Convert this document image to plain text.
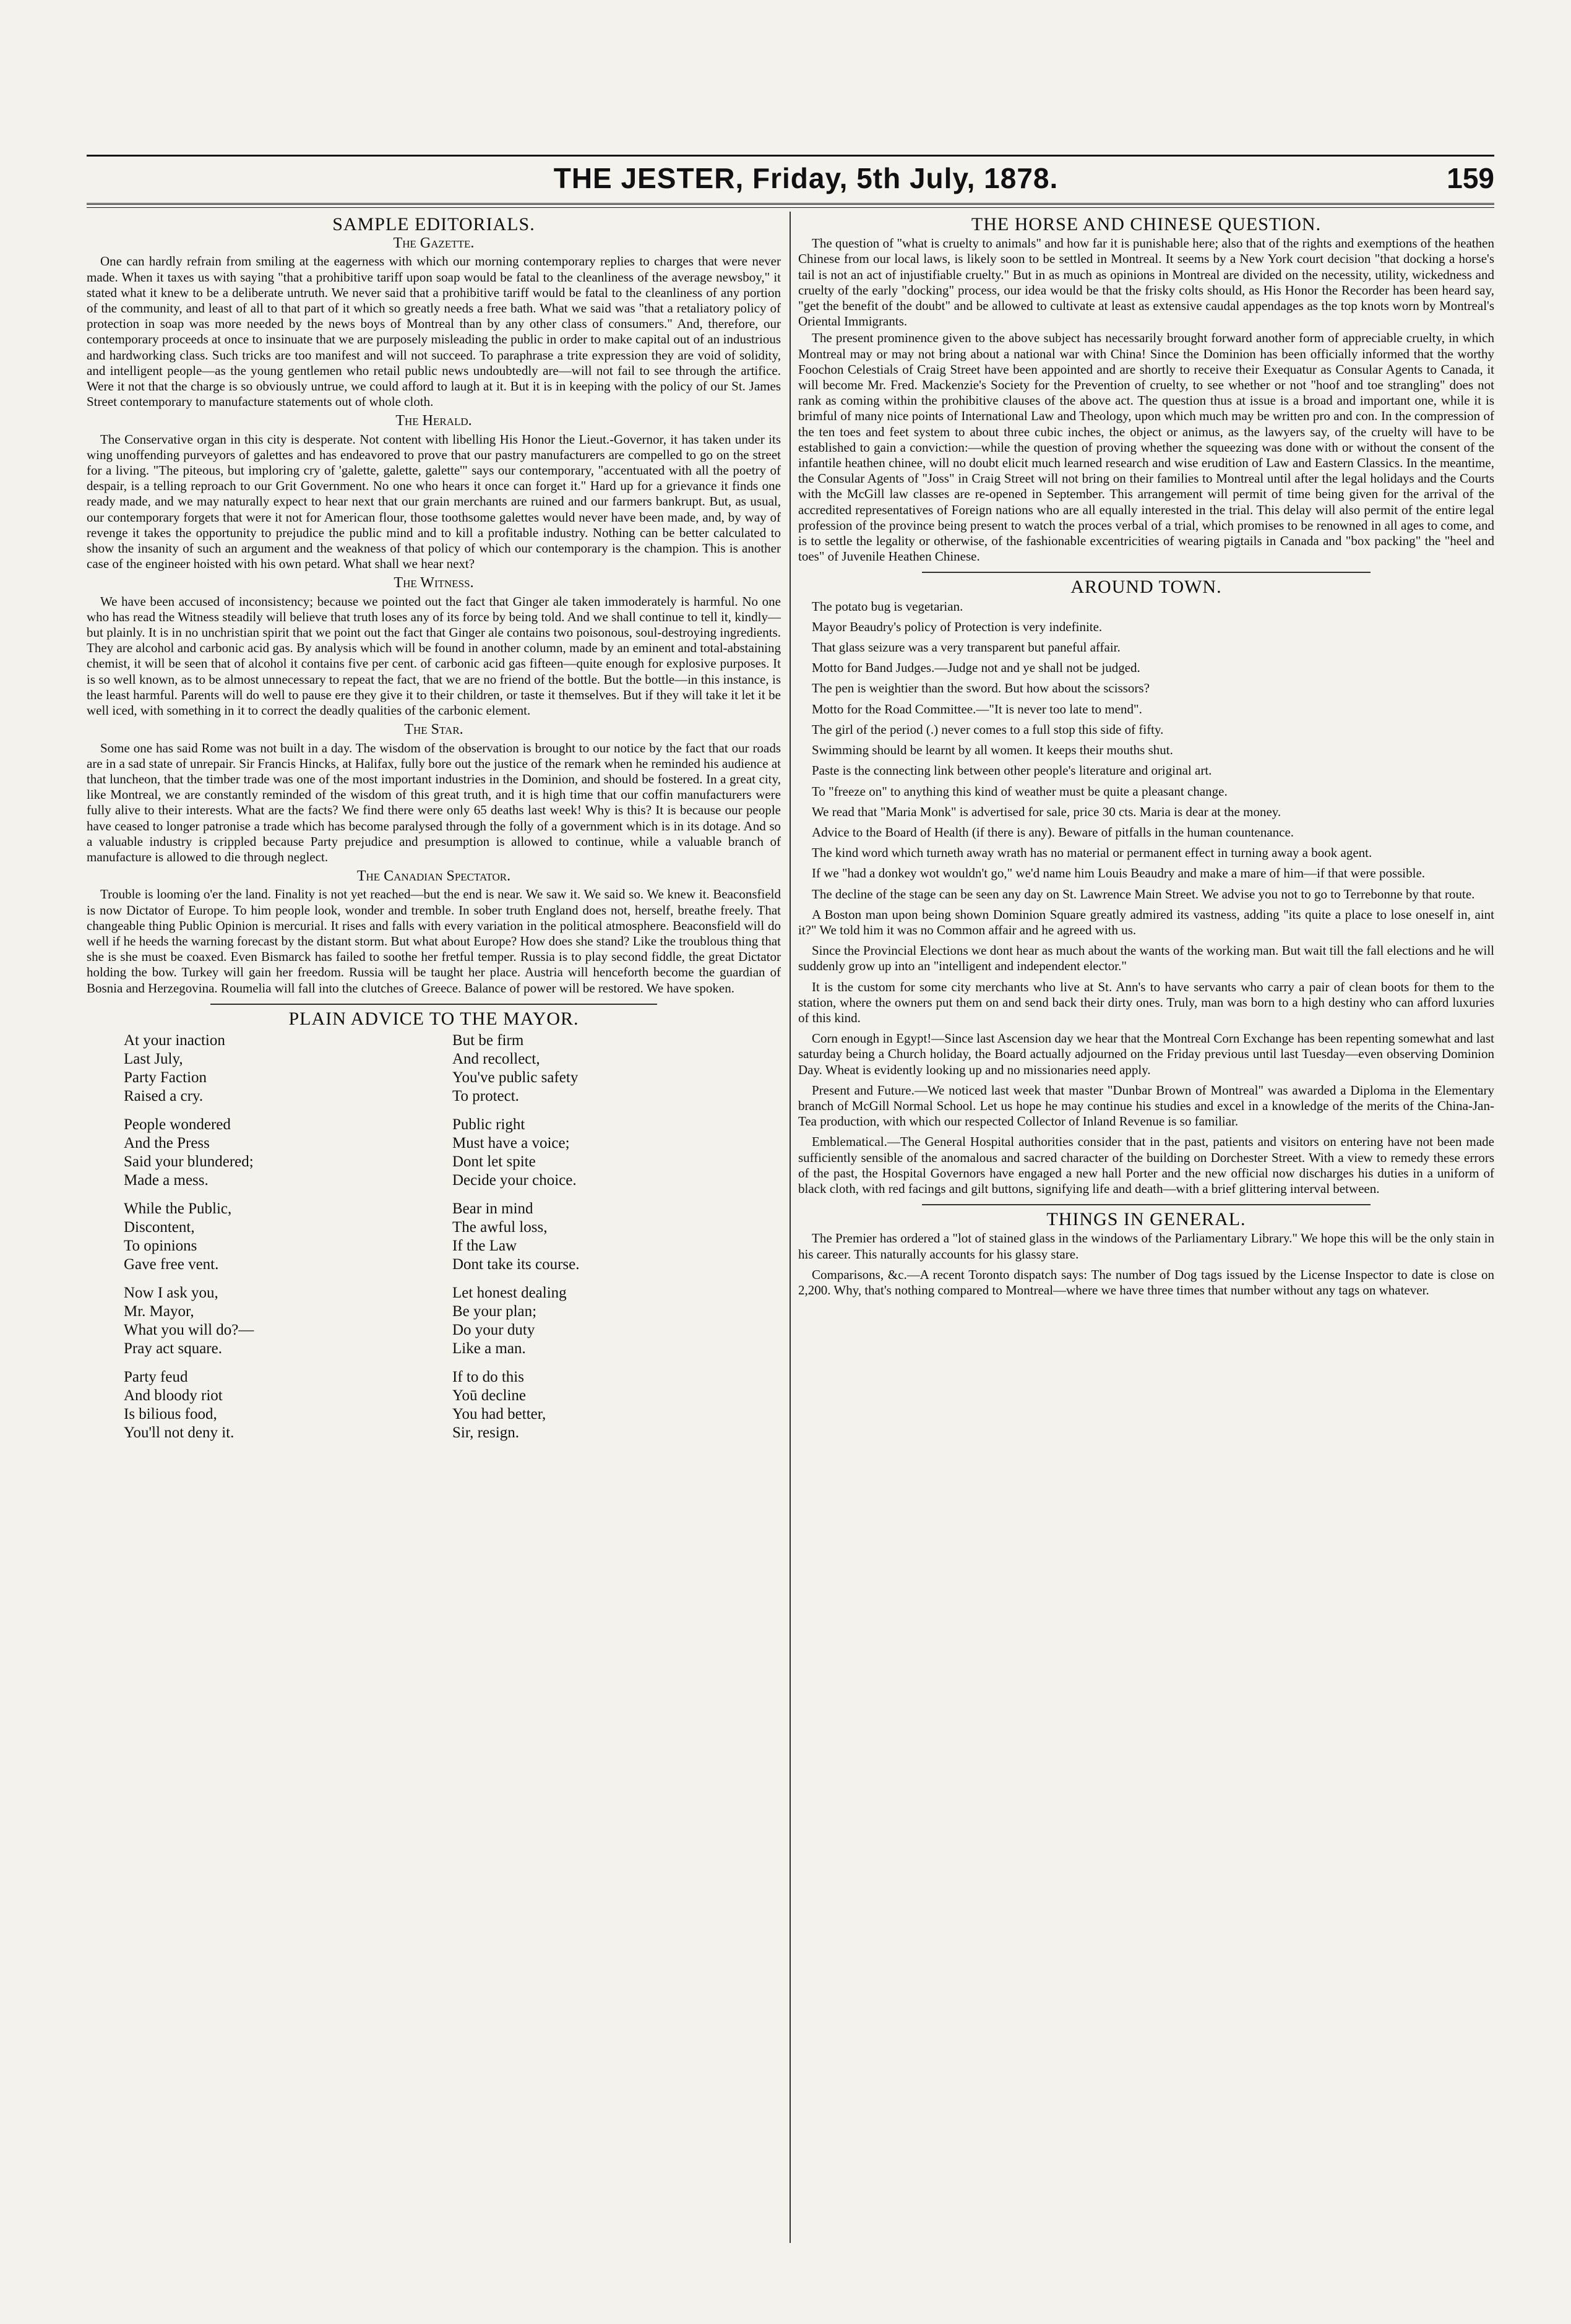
THE JESTER, Friday, 5th July, 1878.	159
SAMPLE EDITORIALS.
The Gazette.

One can hardly refrain from smiling at the eagerness with which our morning contemporary replies to charges that were never made. When it taxes us with saying "that a prohibitive tariff upon soap would be fatal to the cleanliness of the average newsboy," it stated what it knew to be a deliberate untruth. We never said that a prohibitive tariff would be fatal to the cleanliness of any portion of the community, and least of all to that part of it which so greatly needs a free bath. What we said was "that a retaliatory policy of protection in soap was more needed by the news boys of Montreal than by any other class of consumers." And, therefore, our contemporary proceeds at once to insinuate that we are purposely misleading the public in order to make capital out of an industrious and hardworking class. Such tricks are too manifest and will not succeed. To paraphrase a trite expression they are void of solidity, and intelligent people—as the young gentlemen who retail public news undoubtedly are—will not fail to see through the artifice. Were it not that the charge is so obviously untrue, we could afford to laugh at it. But it is in keeping with the policy of our St. James Street contemporary to manufacture statements out of whole cloth.

The Herald.

The Conservative organ in this city is desperate. Not content with libelling His Honor the Lieut.-Governor, it has taken under its wing unoffending purveyors of galettes and has endeavored to prove that our pastry manufacturers are compelled to go on the street for a living. "The piteous, but imploring cry of 'galette, galette, galette'" says our contemporary, "accentuated with all the poetry of despair, is a telling reproach to our Grit Government. No one who hears it once can forget it." Hard up for a grievance it finds one ready made, and we may naturally expect to hear next that our grain merchants are ruined and our farmers bankrupt. But, as usual, our contemporary forgets that were it not for American flour, those toothsome galettes would never have been made, and, by way of revenge it takes the opportunity to prejudice the public mind and to kill a profitable industry. Nothing can be better calculated to show the insanity of such an argument and the weakness of that policy of which our contemporary is the champion. This is another case of the engineer hoisted with his own petard. What shall we hear next?

The Witness.

We have been accused of inconsistency; because we pointed out the fact that Ginger ale taken immoderately is harmful. No one who has read the Witness steadily will believe that truth loses any of its force by being told. And we shall continue to tell it, kindly—but plainly. It is in no unchristian spirit that we point out the fact that Ginger ale contains two poisonous, soul-destroying ingredients. They are alcohol and carbonic acid gas. By analysis which will be found in another column, made by an eminent and total-abstaining chemist, it will be seen that of alcohol it contains five per cent. of carbonic acid gas fifteen—quite enough for explosive purposes. It is so well known, as to be almost unnecessary to repeat the fact, that we are no friend of the bottle. But the bottle—in this instance, is the least harmful. Parents will do well to pause ere they give it to their children, or taste it themselves. But if they will take it let it be well iced, with something in it to correct the deadly qualities of the carbonic element.

The Star.

Some one has said Rome was not built in a day. The wisdom of the observation is brought to our notice by the fact that our roads are in a sad state of unrepair. Sir Francis Hincks, at Halifax, fully bore out the justice of the remark when he reminded his audience at that luncheon, that the timber trade was one of the most important industries in the Dominion, and should be fostered. In a great city, like Montreal, we are constantly reminded of the wisdom of this great truth, and it is high time that our coffin manufacturers were fully alive to their interests. What are the facts? We find there were only 65 deaths last week! Why is this? It is because our people have ceased to longer patronise a trade which has become paralysed through the folly of a government which is in its dotage. And so a valuable industry is crippled because Party prejudice and presumption is allowed to continue, while a valuable branch of manufacture is allowed to die through neglect.

The Canadian Spectator.

Trouble is looming o'er the land. Finality is not yet reached—but the end is near. We saw it. We said so. We knew it. Beaconsfield is now Dictator of Europe. To him people look, wonder and tremble. In sober truth England does not, herself, breathe freely. That changeable thing Public Opinion is mercurial. It rises and falls with every variation in the political atmosphere. Beaconsfield will do well if he heeds the warning forecast by the distant storm. But what about Europe? How does she stand? Like the troublous thing that she is she must be coaxed. Even Bismarck has failed to soothe her fretful temper. Russia is to play second fiddle, the great Dictator holding the bow. Turkey will gain her freedom. Russia will be taught her place. Austria will henceforth become the guardian of Bosnia and Herzegovina. Roumelia will fall into the clutches of Greece. Balance of power will be restored. We have spoken.

PLAIN ADVICE TO THE MAYOR.
At your inaction
Last July,
Party Faction
Raised a cry.
People wondered
And the Press
Said your blundered;
Made a mess.
While the Public,
Discontent,
To opinions
Gave free vent.
Now I ask you,
Mr. Mayor,
What you will do?—
Pray act square.
Party feud
And bloody riot
Is bilious food,
You'll not deny it.
But be firm
And recollect,
You've public safety
To protect.
Public right
Must have a voice;
Dont let spite
Decide your choice.
Bear in mind
The awful loss,
If the Law
Dont take its course.
Let honest dealing
Be your plan;
Do your duty
Like a man.
If to do this
Yoū decline
You had better,
Sir, resign.
THE HORSE AND CHINESE QUESTION.

The question of "what is cruelty to animals" and how far it is punishable here; also that of the rights and exemptions of the heathen Chinese from our local laws, is likely soon to be settled in Montreal. It seems by a New York court decision "that docking a horse's tail is not an act of injustifiable cruelty." But in as much as opinions in Montreal are divided on the necessity, utility, wickedness and cruelty of the early "docking" process, our idea would be that the frisky colts should, as His Honor the Recorder has been heard say, "get the benefit of the doubt" and be allowed to cultivate at least as extensive caudal appendages as the top knots worn by Montreal's Oriental Immigrants.

The present prominence given to the above subject has necessarily brought forward another form of appreciable cruelty, in which Montreal may or may not bring about a national war with China! Since the Dominion has been officially informed that the worthy Foochon Celestials of Craig Street have been appointed and are shortly to receive their Exequatur as Consular Agents to Canada, it will become Mr. Fred. Mackenzie's Society for the Prevention of cruelty, to see whether or not "hoof and toe strangling" does not rank as coming within the prohibitive clauses of the above act. The question thus at issue is a broad and important one, while it is brimful of many nice points of International Law and Theology, upon which much may be written pro and con. In the compression of the ten toes and feet system to about three cubic inches, the object or animus, as the lawyers say, of the cruelty will have to be established to gain a conviction:—while the question of proving whether the squeezing was done with or without the consent of the infantile heathen chinee, will no doubt elicit much learned research and wise erudition of Law and Eastern Classics. In the meantime, the Consular Agents of "Joss" in Craig Street will not bring on their families to Montreal until after the legal holidays and the Courts with the McGill law classes are re-opened in September. This arrangement will permit of time being given for the arrival of the accredited representatives of Foreign nations who are all equally interested in the trial. This delay will also permit of the entire legal profession of the province being present to watch the proces verbal of a trial, which promises to be renowned in all ages to come, and is to settle the legality or otherwise, of the fashionable excentricities of wearing pigtails in Canada and "box packing" the "heel and toes" of Juvenile Heathen Chinese.

AROUND TOWN.

The potato bug is vegetarian.

Mayor Beaudry's policy of Protection is very indefinite.

That glass seizure was a very transparent but paneful affair.

Motto for Band Judges.—Judge not and ye shall not be judged.

The pen is weightier than the sword. But how about the scissors?

Motto for the Road Committee.—"It is never too late to mend".

The girl of the period (.) never comes to a full stop this side of fifty.

Swimming should be learnt by all women. It keeps their mouths shut.

Paste is the connecting link between other people's literature and original art.

To "freeze on" to anything this kind of weather must be quite a pleasant change.

We read that "Maria Monk" is advertised for sale, price 30 cts. Maria is dear at the money.

Advice to the Board of Health (if there is any). Beware of pitfalls in the human countenance.

The kind word which turneth away wrath has no material or permanent effect in turning away a book agent.

If we "had a donkey wot wouldn't go," we'd name him Louis Beaudry and make a mare of him—if that were possible.

The decline of the stage can be seen any day on St. Lawrence Main Street. We advise you not to go to Terrebonne by that route.

A Boston man upon being shown Dominion Square greatly admired its vastness, adding "its quite a place to lose oneself in, aint it?" We told him it was no Common affair and he agreed with us.

Since the Provincial Elections we dont hear as much about the wants of the working man. But wait till the fall elections and he will suddenly grow up into an "intelligent and independent elector."

It is the custom for some city merchants who live at St. Ann's to have servants who carry a pair of clean boots for them to the station, where the owners put them on and send back their dirty ones. Truly, man was born to a high destiny who can afford luxuries of this kind.

Corn enough in Egypt!—Since last Ascension day we hear that the Montreal Corn Exchange has been repenting somewhat and last saturday being a Church holiday, the Board actually adjourned on the Friday previous until last Tuesday—even observing Dominion Day. Wheat is evidently looking up and no missionaries need apply.

Present and Future.—We noticed last week that master "Dunbar Brown of Montreal" was awarded a Diploma in the Elementary branch of McGill Normal School. Let us hope he may continue his studies and excel in a knowledge of the merits of the China-Jan-Tea production, with which our respected Collector of Inland Revenue is so familiar.

Emblematical.—The General Hospital authorities consider that in the past, patients and visitors on entering have not been made sufficiently sensible of the anomalous and sacred character of the building on Dorchester Street. With a view to remedy these errors of the past, the Hospital Governors have engaged a new hall Porter and the new official now discharges his duties in a uniform of black cloth, with red facings and gilt buttons, signifying life and death—with a brief glittering interval between.

THINGS IN GENERAL.

The Premier has ordered a "lot of stained glass in the windows of the Parliamentary Library." We hope this will be the only stain in his career. This naturally accounts for his glassy stare.

Comparisons, &c.—A recent Toronto dispatch says: The number of Dog tags issued by the License Inspector to date is close on 2,200. Why, that's nothing compared to Montreal—where we have three times that number without any tags on whatever.
